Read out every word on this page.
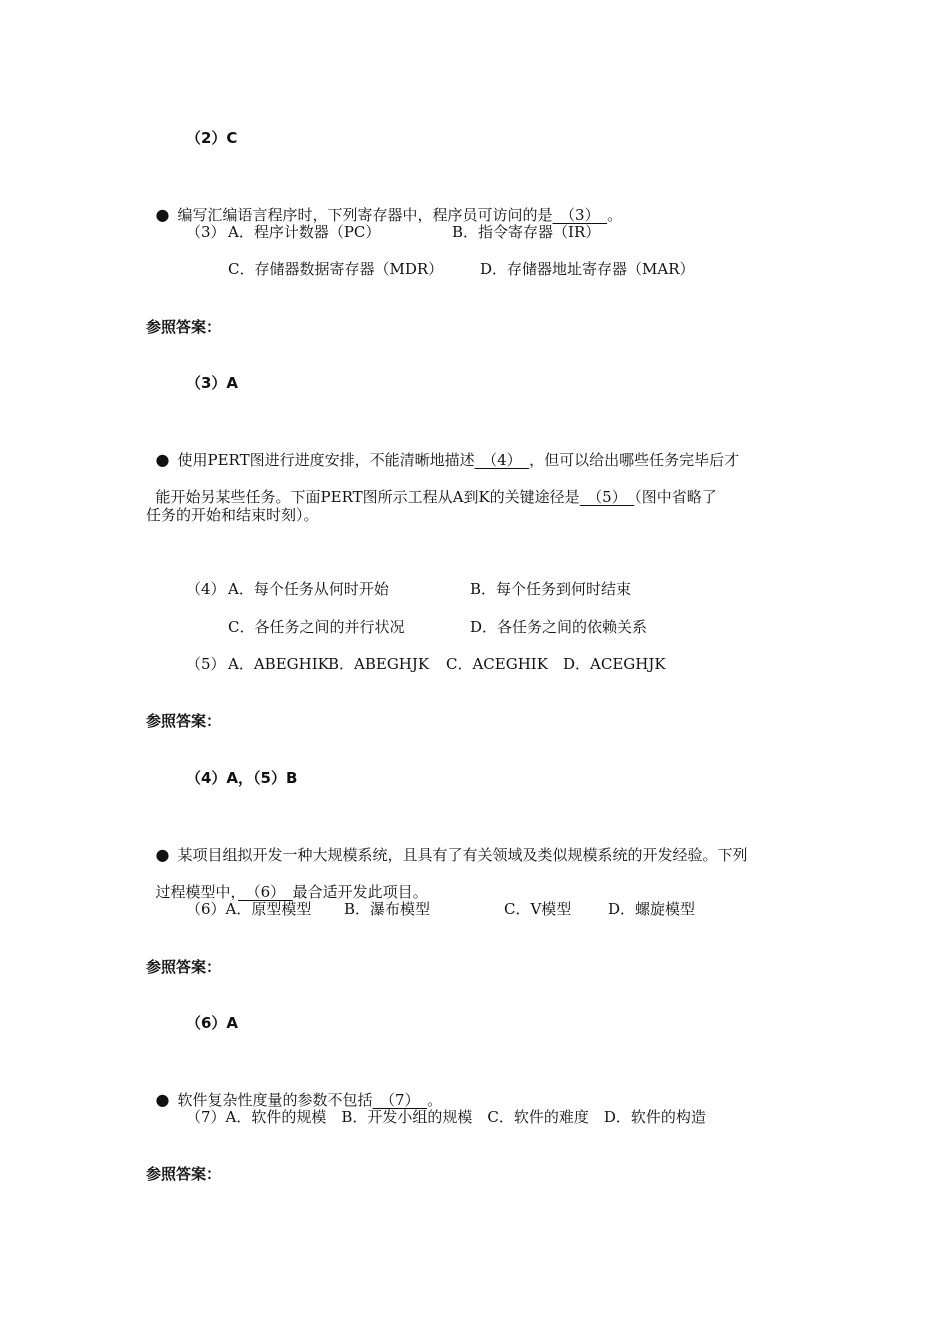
（2）C

● 编写汇编语言程序时，下列寄存器中，程序员可访问的是　（3）　。

（3） A．程序计数器（PC）	B．指令寄存器（IR）
C．存储器数据寄存器（MDR） D．存储器地址寄存器（MAR）
参照答案：
（3）A

● 使用PERT图进行进度安排，不能清晰地描述　（4）　，但可以给出哪些任务完毕后才

能开始另某些任务。下面PERT图所示工程从A到K的关键途径是　（5）　（图中省略了

任务的开始和结束时刻）。
（4） A．每个任务从何时开始	B．每个任务到何时结束
C．各任务之间的并行状况	D．各任务之间的依赖关系
（5） A．ABEGHIK B．ABEGHJK C．ACEGHIK D．ACEGHJK
参照答案：
（4）A，（5）B

● 某项目组拟开发一种大规模系统，且具有了有关领域及类似规模系统的开发经验。下列

过程模型中，　（6）　最合适开发此项目。

（6）A．原型模型 B．瀑布模型	C．V模型 D．螺旋模型
参照答案：
（6）A

● 软件复杂性度量的参数不包括　（7）　。

（7）A．软件的规模　B．开发小组的规模　C．软件的难度　D．软件的构造
参照答案：
